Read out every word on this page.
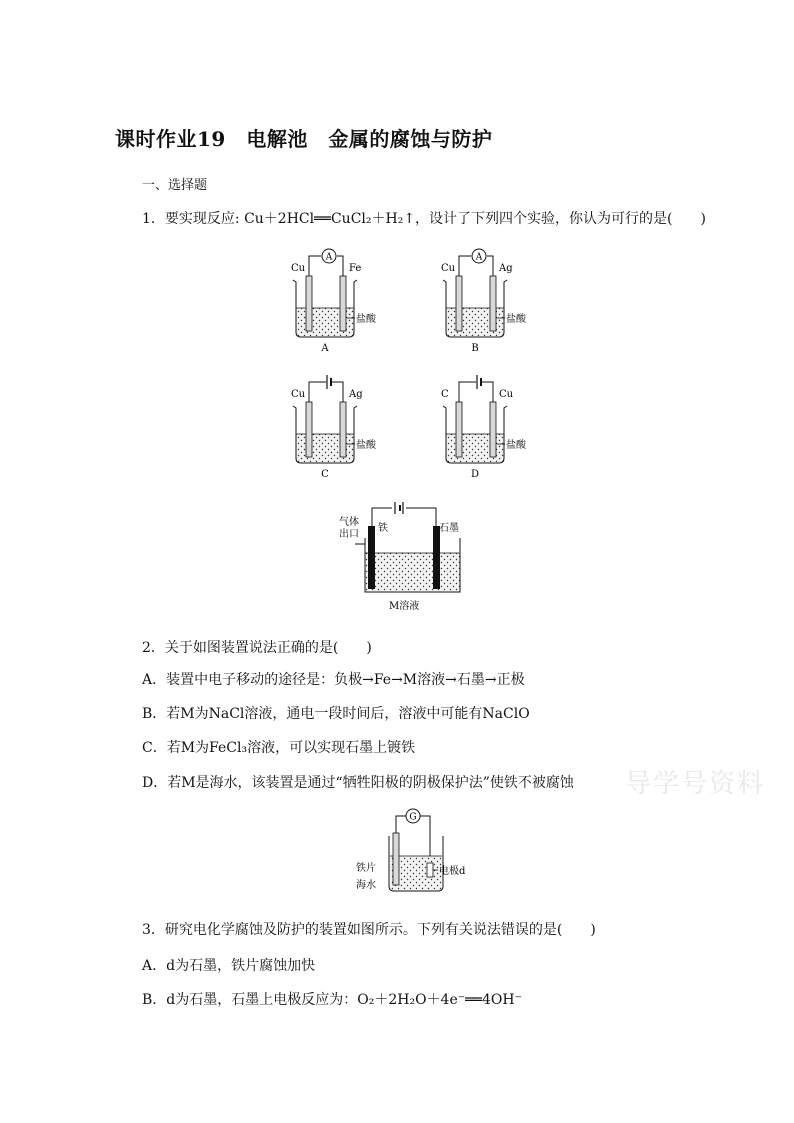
课时作业19　电解池　金属的腐蚀与防护
一、选择题
1．要实现反应: Cu＋2HCl══CuCl₂＋H₂↑，设计了下列四个实验，你认为可行的是(　　)
A
Cu	Fe
盐酸
A
A
Cu	Ag
盐酸
B
Cu	Ag
盐酸
C
C	Cu
盐酸
D
气体
出口
铁	石墨
M溶液
2．关于如图装置说法正确的是(　　)
A．装置中电子移动的途径是：负极→Fe→M溶液→石墨→正极
B．若M为NaCl溶液，通电一段时间后，溶液中可能有NaClO
C．若M为FeCl₃溶液，可以实现石墨上镀铁
D．若M是海水，该装置是通过“牺牲阳极的阴极保护法”使铁不被腐蚀 导学号资料
G
铁片
海水
电极d
3．研究电化学腐蚀及防护的装置如图所示。下列有关说法错误的是(　　)
A．d为石墨，铁片腐蚀加快
B．d为石墨，石墨上电极反应为：O₂＋2H₂O＋4e⁻══4OH⁻
